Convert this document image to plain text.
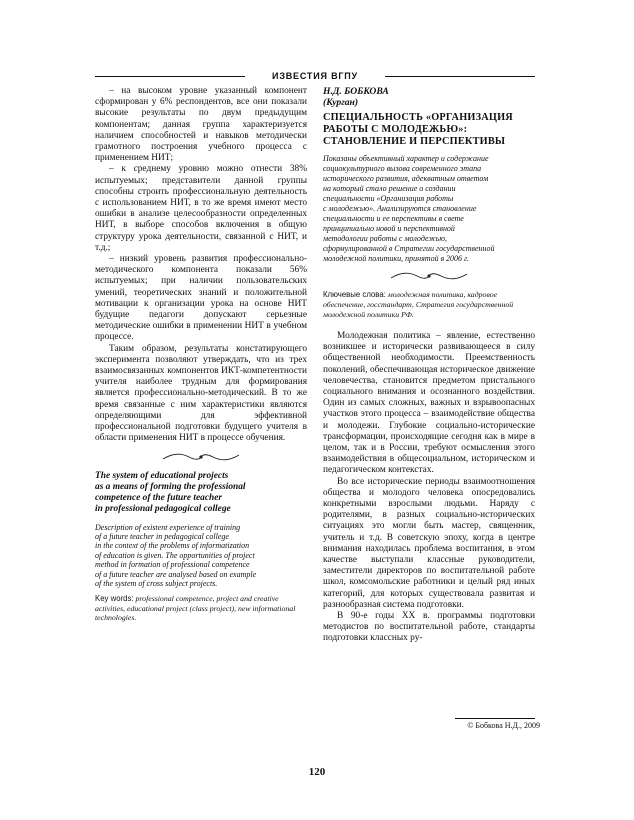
ИЗВЕСТИЯ ВГПУ

– на высоком уровне указанный компонент сформирован у 6% респондентов, все они показали высокие результаты по двум предыдущим компонентам; данная группа характеризуется наличием способностей и навыков методически грамотного построения учебного процесса с применением НИТ;

– к среднему уровню можно отнести 38% испытуемых; представители данной группы способны строить профессиональную деятельность с использованием НИТ, в то же время имеют место ошибки в анализе целесообразности определенных НИТ, в выборе способов включения в общую структуру урока деятельности, связанной с НИТ, и т.д.;

– низкий уровень развития профессионально-методического компонента показали 56% испытуемых; при наличии пользовательских умений, теоретических знаний и положительной мотивации к организации урока на основе НИТ будущие педагоги допускают серьезные методические ошибки в применении НИТ в учебном процессе.

Таким образом, результаты констатирующего эксперимента позволяют утверждать, что из трех взаимосвязанных компонентов ИКТ-компетентности учителя наиболее трудным для формирования является профессионально-методический. В то же время связанные с ним характеристики являются определяющими для эффективной профессиональной подготовки будущего учителя в области применения НИТ в процессе обучения.

The system of educational projects
as a means of forming the professional
competence of the future teacher
in professional pedagogical college

Description of existent experience of training
of a future teacher in pedagogical college
in the context of the problems of informatization
of education is given. The opportunities of project
method in formation of professional competence
of a future teacher are analysed based on example
of the system of cross subject projects.

Key words: professional competence, project and creative activities, educational project (class project), new informational technologies.

Н.Д. БОБКОВА

(Курган)

СПЕЦИАЛЬНОСТЬ «ОРГАНИЗАЦИЯ
РАБОТЫ С МОЛОДЕЖЬЮ»:
СТАНОВЛЕНИЕ И ПЕРСПЕКТИВЫ

Показаны объективный характер и содержание
социокультурного вызова современного этапа
исторического развития, адекватным ответом
на который стало решение о создании
специальности «Организация работы
с молодежью». Анализируются становление
специальности и ее перспективы в свете
принципиально новой и перспективной
методологии работы с молодежью,
сформулированной в Стратегии государственной
молодежной политики, принятой в 2006 г.

Ключевые слова: молодежная политика, кадровое обеспечение, госстандарт, Стратегия государственной молодежной политики РФ.

Молодежная политика – явление, естественно возникшее и исторически развивающееся в силу общественной необходимости. Преемственность поколений, обеспечивающая историческое движение человечества, становится предметом пристального социального внимания и осознанного воздействия. Один из самых сложных, важных и взрывоопасных участков этого процесса – взаимодействие общества и молодежи. Глубокие социально-исторические трансформации, происходящие сегодня как в мире в целом, так и в России, требуют осмысления этого взаимодействия в общесоциальном, историческом и педагогическом контекстах.

Во все исторические периоды взаимоотношения общества и молодого человека опосредовались конкретными взрослыми людьми. Наряду с родителями, в разных социально-исторических ситуациях это могли быть мастер, священник, учитель и т.д. В советскую эпоху, когда в центре внимания находилась проблема воспитания, в этом качестве выступали классные руководители, заместители директоров по воспитательной работе школ, комсомольские работники и целый ряд иных категорий, для которых существовала развитая и разнообразная система подготовки.

В 90-е годы XX в. программы подготовки методистов по воспитательной работе, стандарты подготовки классных ру-

© Бобкова Н.Д., 2009
120
